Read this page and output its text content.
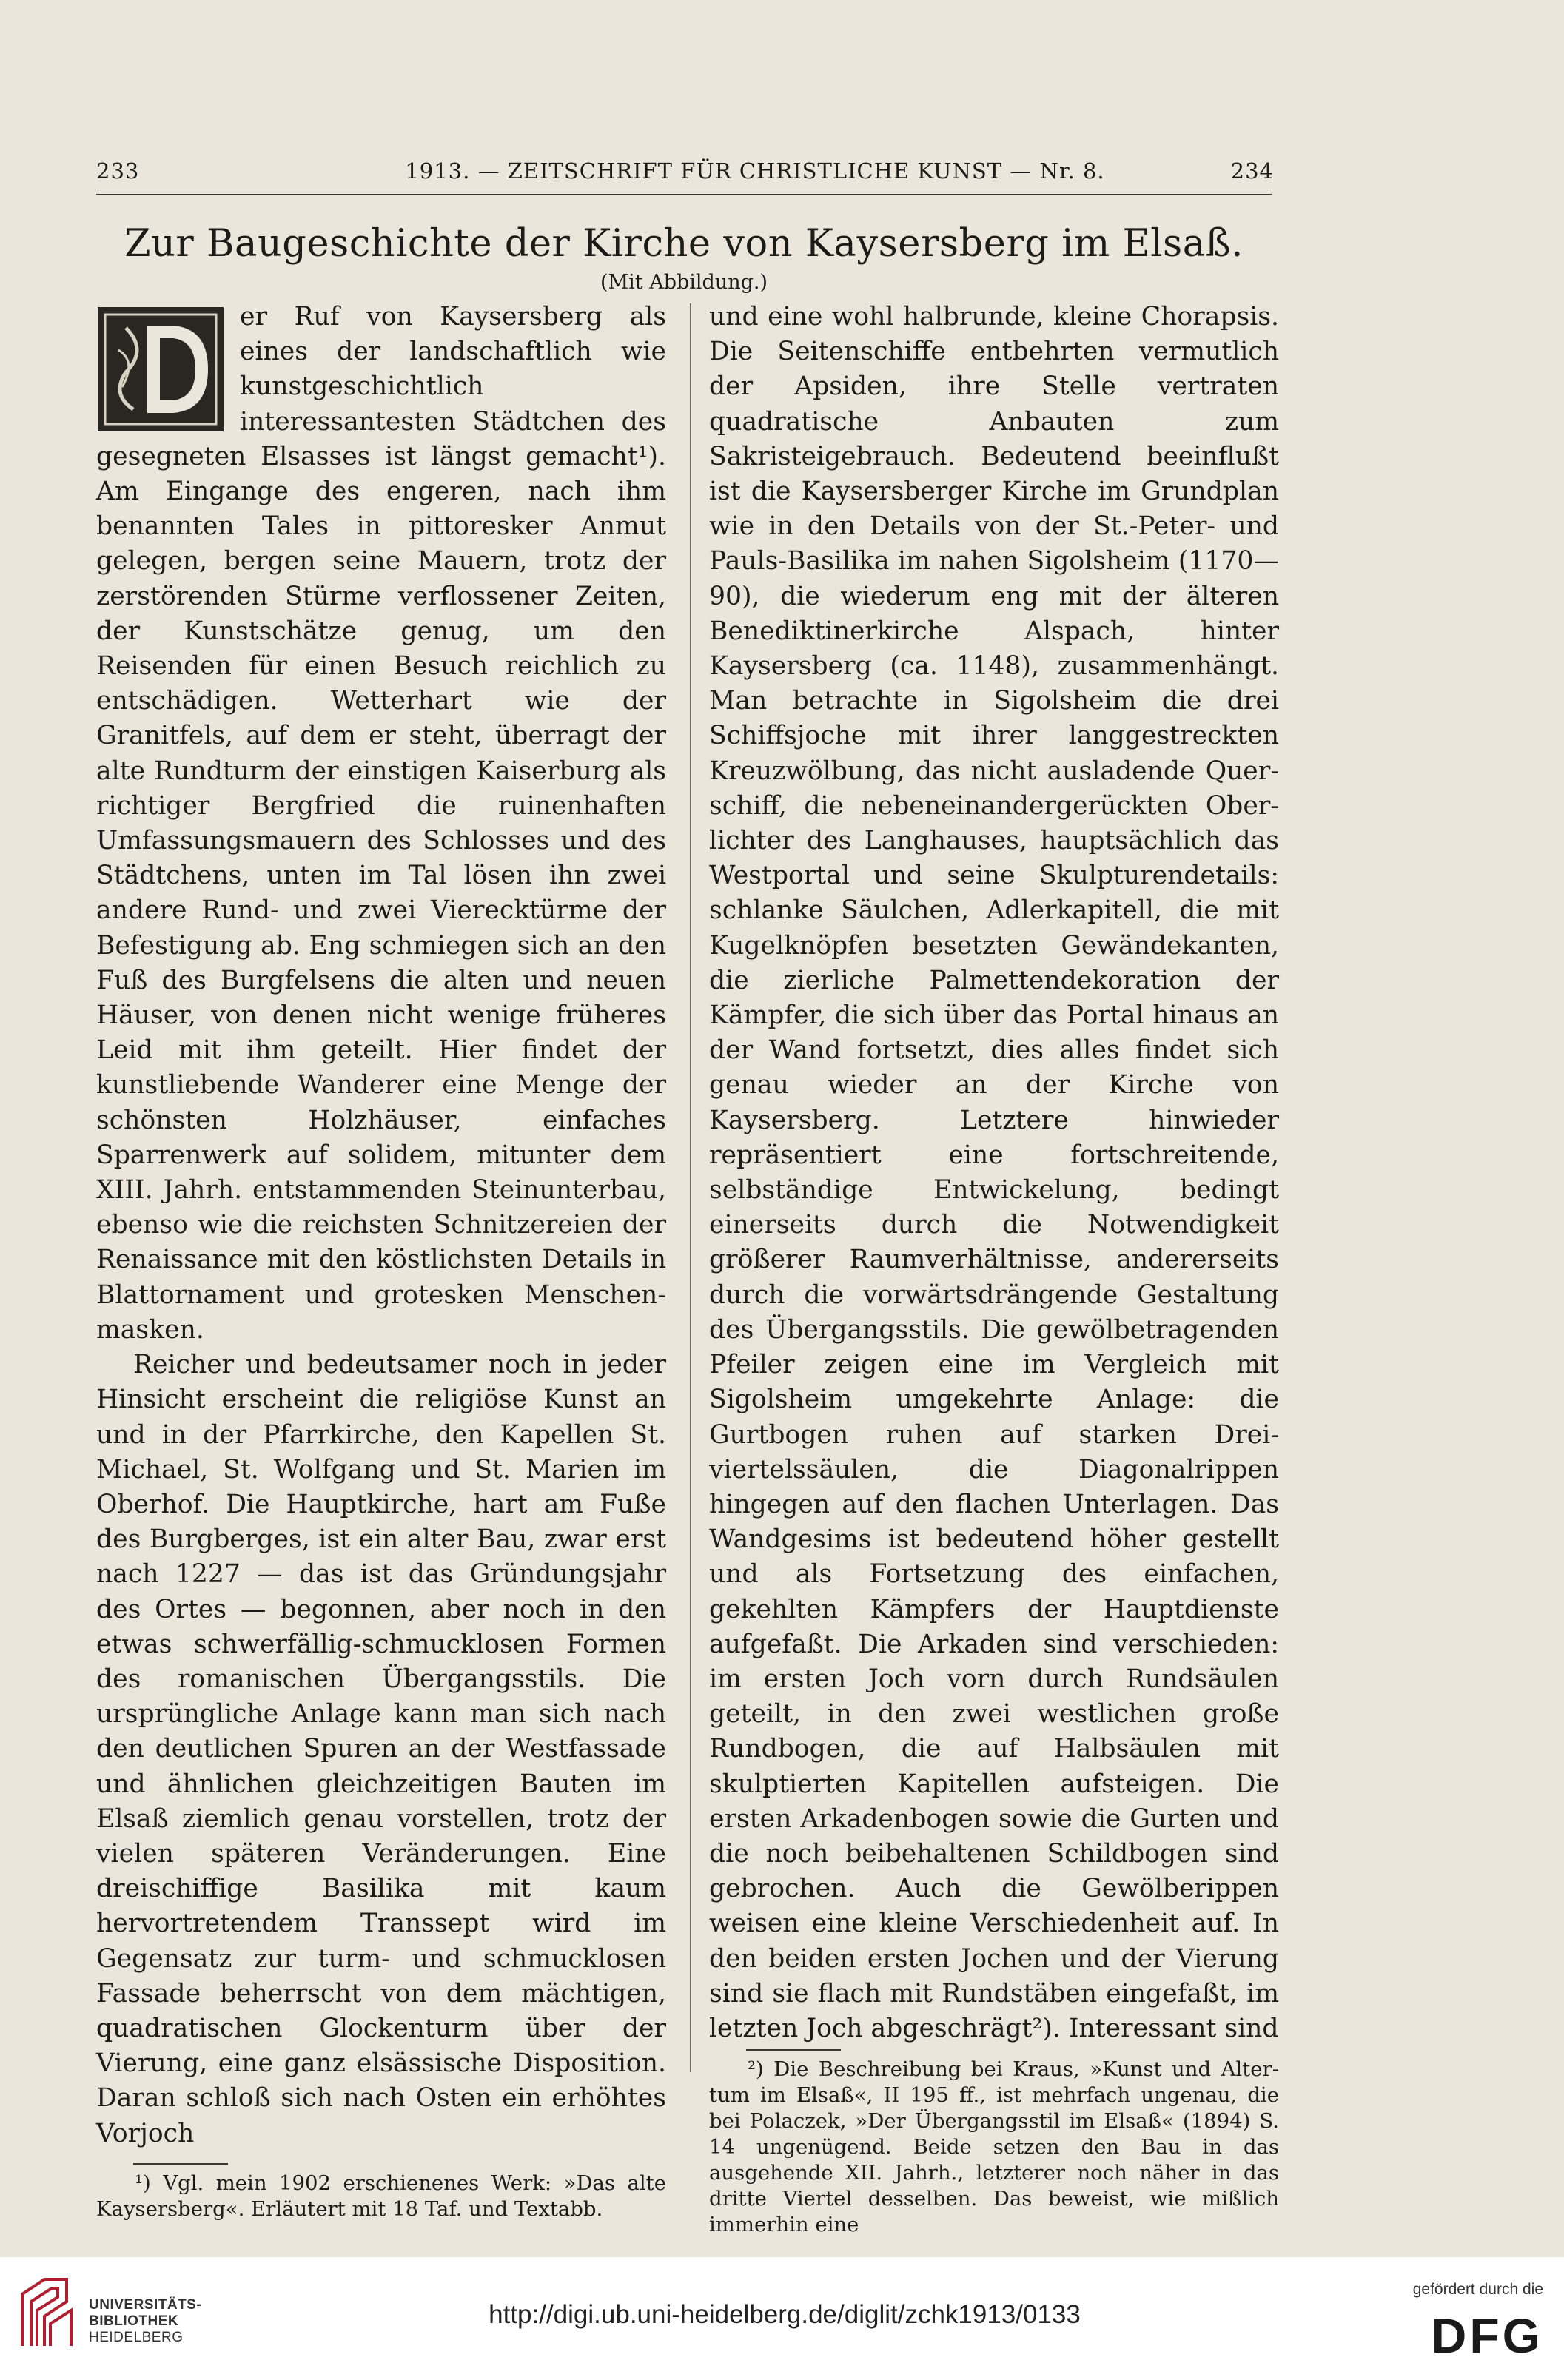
233	1913. — ZEITSCHRIFT FÜR CHRISTLICHE KUNST — Nr. 8.	234
Zur Baugeschichte der Kirche von Kaysersberg im Elsaß.
(Mit Abbildung.)

er Ruf von Kaysersberg als eines der landschaftlich wie kunstgeschichtlich interessantesten Städtchen des gesegneten Elsasses ist längst gemacht¹). Am Eingange des engeren, nach ihm benannten Tales in pittoresker Anmut gelegen, bergen seine Mauern, trotz der zerstörenden Stürme verflossener Zeiten, der Kunstschätze genug, um den Reisenden für einen Besuch reichlich zu entschädigen. Wetterhart wie der Granitfels, auf dem er steht, überragt der alte Rundturm der einstigen Kaiserburg als richtiger Bergfried die ruinenhaften Umfassungsmauern des Schlosses und des Städtchens, unten im Tal lösen ihn zwei andere Rund- und zwei Vierecktürme der Befestigung ab. Eng schmiegen sich an den Fuß des Burgfelsens die alten und neuen Häuser, von denen nicht wenige früheres Leid mit ihm geteilt. Hier findet der kunstliebende Wanderer eine Menge der schönsten Holzhäuser, einfaches Sparrenwerk auf solidem, mitunter dem XIII. Jahrh. entstammenden Steinunterbau, ebenso wie die reichsten Schnitzereien der Renaissance mit den köstlichsten Details in Blattornament und grotesken Menschenmasken.

Reicher und bedeutsamer noch in jeder Hinsicht erscheint die religiöse Kunst an und in der Pfarrkirche, den Kapellen St. Michael, St. Wolfgang und St. Marien im Oberhof. Die Hauptkirche, hart am Fuße des Burgberges, ist ein alter Bau, zwar erst nach 1227 — das ist das Gründungsjahr des Ortes — begonnen, aber noch in den etwas schwerfällig-schmucklosen Formen des romanischen Übergangsstils. Die ursprüngliche Anlage kann man sich nach den deutlichen Spuren an der Westfassade und ähnlichen gleichzeitigen Bauten im Elsaß ziemlich genau vorstellen, trotz der vielen späteren Veränderungen. Eine dreischiffige Basilika mit kaum hervortretendem Transsept wird im Gegensatz zur turm- und schmucklosen Fassade beherrscht von dem mächtigen, quadratischen Glockenturm über der Vierung, eine ganz elsässische Disposition. Daran schloß sich nach Osten ein erhöhtes Vorjoch

¹) Vgl. mein 1902 erschienenes Werk: »Das alte Kaysersberg«. Erläutert mit 18 Taf. und Textabb.

und eine wohl halbrunde, kleine Chorapsis. Die Seitenschiffe entbehrten vermutlich der Apsiden, ihre Stelle vertraten quadratische Anbauten zum Sakristeigebrauch. Bedeutend beeinflußt ist die Kaysersberger Kirche im Grundplan wie in den Details von der St.-Peter- und Pauls-Basilika im nahen Sigolsheim (1170—90), die wiederum eng mit der älteren Benediktinerkirche Alspach, hinter Kaysersberg (ca. 1148), zusammenhängt. Man betrachte in Sigolsheim die drei Schiffsjoche mit ihrer langgestreckten Kreuzwölbung, das nicht ausladende Querschiff, die nebeneinandergerückten Oberlichter des Langhauses, hauptsächlich das Westportal und seine Skulpturendetails: schlanke Säulchen, Adlerkapitell, die mit Kugelknöpfen besetzten Gewändekanten, die zierliche Palmettendekoration der Kämpfer, die sich über das Portal hinaus an der Wand fortsetzt, dies alles findet sich genau wieder an der Kirche von Kaysersberg. Letztere hinwieder repräsentiert eine fortschreitende, selbständige Entwickelung, bedingt einerseits durch die Notwendigkeit größerer Raumverhältnisse, andererseits durch die vorwärtsdrängende Gestaltung des Übergangsstils. Die gewölbetragenden Pfeiler zeigen eine im Vergleich mit Sigolsheim umgekehrte Anlage: die Gurtbogen ruhen auf starken Dreiviertelssäulen, die Diagonalrippen hingegen auf den flachen Unterlagen. Das Wandgesims ist bedeutend höher gestellt und als Fortsetzung des einfachen, gekehlten Kämpfers der Hauptdienste aufgefaßt. Die Arkaden sind verschieden: im ersten Joch vorn durch Rundsäulen geteilt, in den zwei westlichen große Rundbogen, die auf Halbsäulen mit skulptierten Kapitellen aufsteigen. Die ersten Arkadenbogen sowie die Gurten und die noch beibehaltenen Schildbogen sind gebrochen. Auch die Gewölberippen weisen eine kleine Verschiedenheit auf. In den beiden ersten Jochen und der Vierung sind sie flach mit Rundstäben eingefaßt, im letzten Joch abgeschrägt²). Interessant sind

²) Die Beschreibung bei Kraus, »Kunst und Altertum im Elsaß«, II 195 ff., ist mehrfach ungenau, die bei Polaczek, »Der Übergangsstil im Elsaß« (1894) S. 14 ungenügend. Beide setzen den Bau in das ausgehende XII. Jahrh., letzterer noch näher in das dritte Viertel desselben. Das beweist, wie mißlich immerhin eine

UNIVERSITÄTS-
BIBLIOTHEK
HEIDELBERG
http://digi.ub.uni-heidelberg.de/diglit/zchk1913/0133
gefördert durch die
DFG
